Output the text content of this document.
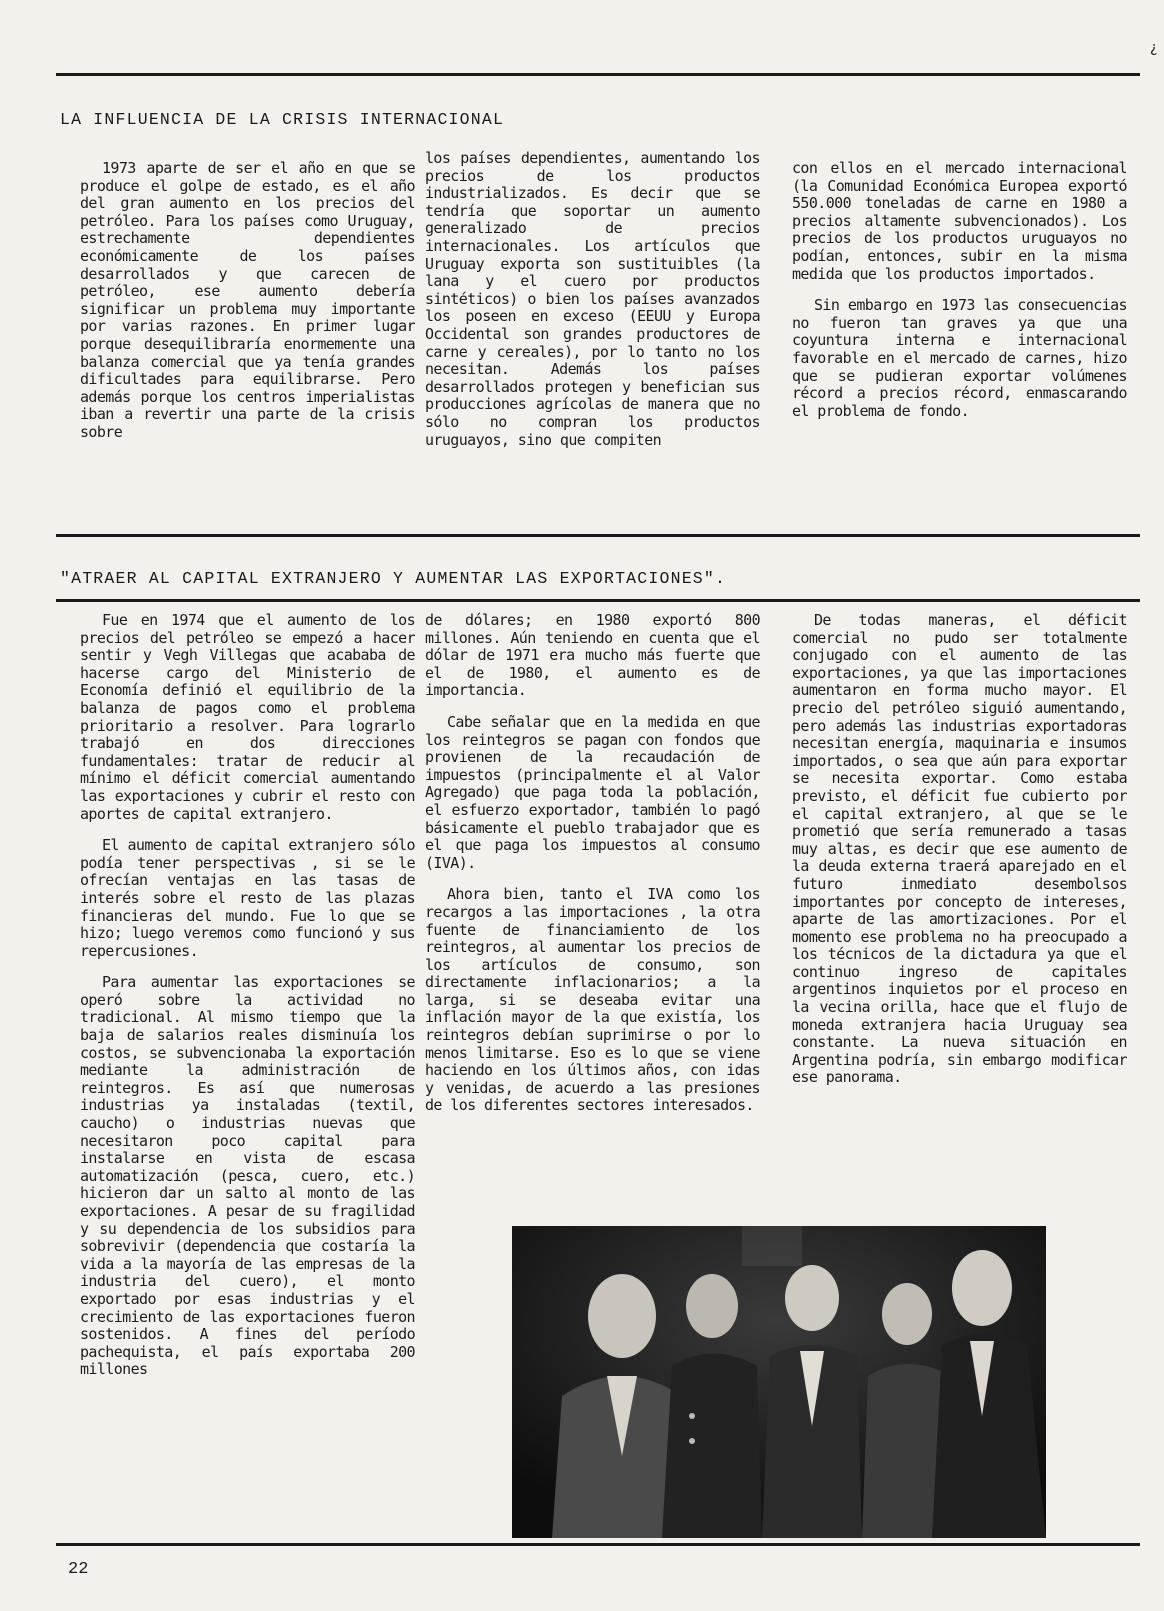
¿
LA INFLUENCIA DE LA CRISIS INTERNACIONAL

1973 aparte de ser el año en que se produce el golpe de estado, es el año del gran aumento en los precios del petróleo. Para los países como Uruguay, estrechamente dependientes económicamente de los países desarrollados y que carecen de petróleo, ese aumento debería significar un problema muy importante por varias razones. En primer lugar porque desequilibraría enormemente una balanza comercial que ya tenía grandes dificultades para equilibrarse. Pero además porque los centros imperialistas iban a revertir una parte de la crisis sobre

los países dependientes, aumentando los precios de los productos industrializados. Es decir que se tendría que soportar un aumento generalizado de precios internacionales. Los artículos que Uruguay exporta son sustituibles (la lana y el cuero por productos sintéticos) o bien los países avanzados los poseen en exceso (EEUU y Europa Occidental son grandes productores de carne y cereales), por lo tanto no los necesitan. Además los países desarrollados protegen y benefician sus producciones agrícolas de manera que no sólo no compran los productos uruguayos, sino que compiten

con ellos en el mercado internacional (la Comunidad Económica Europea exportó 550.000 toneladas de carne en 1980 a precios altamente subvencionados). Los precios de los productos uruguayos no podían, entonces, subir en la misma medida que los productos importados.

Sin embargo en 1973 las consecuencias no fueron tan graves ya que una coyuntura interna e internacional favorable en el mercado de carnes, hizo que se pudieran exportar volúmenes récord a precios récord, enmascarando el problema de fondo.

"ATRAER AL CAPITAL EXTRANJERO Y AUMENTAR LAS EXPORTACIONES".

Fue en 1974 que el aumento de los precios del petróleo se empezó a hacer sentir y Vegh Villegas que acababa de hacerse cargo del Ministerio de Economía definió el equilibrio de la balanza de pagos como el problema prioritario a resolver. Para lograrlo trabajó en dos direcciones fundamentales: tratar de reducir al mínimo el déficit comercial aumentando las exportaciones y cubrir el resto con aportes de capital extranjero.

El aumento de capital extranjero sólo podía tener perspectivas , si se le ofrecían ventajas en las tasas de interés sobre el resto de las plazas financieras del mundo. Fue lo que se hizo; luego veremos como funcionó y sus repercusiones.

Para aumentar las exportaciones se operó sobre la actividad no tradicional. Al mismo tiempo que la baja de salarios reales disminuía los costos, se subvencionaba la exportación mediante la administración de reintegros. Es así que numerosas industrias ya instaladas (textil, caucho) o industrias nuevas que necesitaron poco capital para instalarse en vista de escasa automatización (pesca, cuero, etc.) hicieron dar un salto al monto de las exportaciones. A pesar de su fragilidad y su dependencia de los subsidios para sobrevivir (dependencia que costaría la vida a la mayoría de las empresas de la industria del cuero), el monto exportado por esas industrias y el crecimiento de las exportaciones fueron sostenidos. A fines del período pachequista, el país exportaba 200 millones

de dólares; en 1980 exportó 800 millones. Aún teniendo en cuenta que el dólar de 1971 era mucho más fuerte que el de 1980, el aumento es de importancia.

Cabe señalar que en la medida en que los reintegros se pagan con fondos que provienen de la recaudación de impuestos (principalmente el al Valor Agregado) que paga toda la población, el esfuerzo exportador, también lo pagó básicamente el pueblo trabajador que es el que paga los impuestos al consumo (IVA).

Ahora bien, tanto el IVA como los recargos a las importaciones , la otra fuente de financiamiento de los reintegros, al aumentar los precios de los artículos de consumo, son directamente inflacionarios; a la larga, si se deseaba evitar una inflación mayor de la que existía, los reintegros debían suprimirse o por lo menos limitarse. Eso es lo que se viene haciendo en los últimos años, con idas y venidas, de acuerdo a las presiones de los diferentes sectores interesados.

De todas maneras, el déficit comercial no pudo ser totalmente conjugado con el aumento de las exportaciones, ya que las importaciones aumentaron en forma mucho mayor. El precio del petróleo siguió aumentando, pero además las industrias exportadoras necesitan energía, maquinaria e insumos importados, o sea que aún para exportar se necesita exportar. Como estaba previsto, el déficit fue cubierto por el capital extranjero, al que se le prometió que sería remunerado a tasas muy altas, es decir que ese aumento de la deuda externa traerá aparejado en el futuro inmediato desembolsos importantes por concepto de intereses, aparte de las amortizaciones. Por el momento ese problema no ha preocupado a los técnicos de la dictadura ya que el continuo ingreso de capitales argentinos inquietos por el proceso en la vecina orilla, hace que el flujo de moneda extranjera hacia Uruguay sea constante. La nueva situación en Argentina podría, sin embargo modificar ese panorama.

22
